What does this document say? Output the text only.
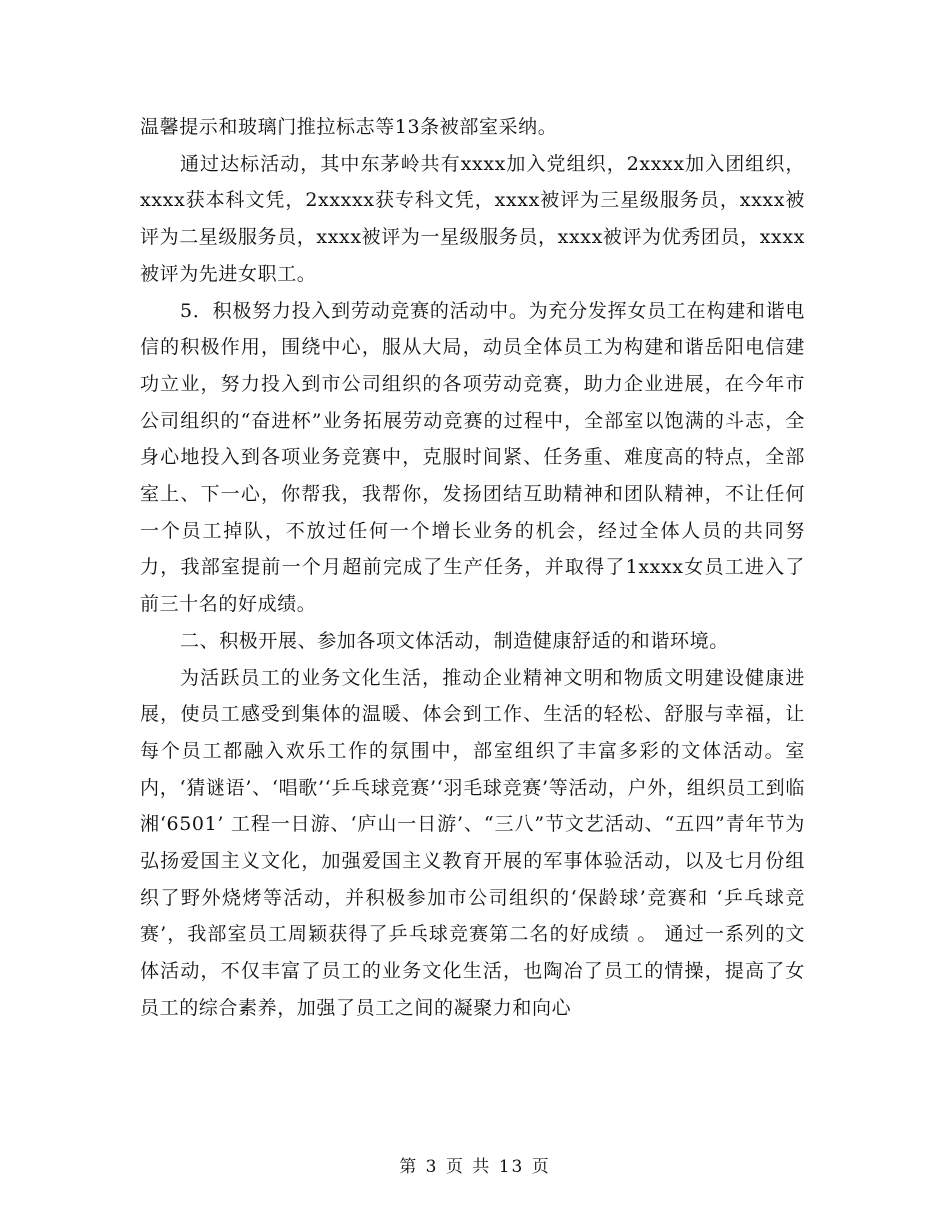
温馨提示和玻璃门推拉标志等13条被部室采纳。

通过达标活动，其中东茅岭共有xxxx加入党组织，2xxxx加入团组织，xxxx获本科文凭，2xxxxx获专科文凭，xxxx被评为三星级服务员，xxxx被评为二星级服务员，xxxx被评为一星级服务员，xxxx被评为优秀团员，xxxx被评为先进女职工。

5．积极努力投入到劳动竞赛的活动中。为充分发挥女员工在构建和谐电信的积极作用，围绕中心，服从大局，动员全体员工为构建和谐岳阳电信建功立业，努力投入到市公司组织的各项劳动竞赛，助力企业进展，在今年市公司组织的“奋进杯”业务拓展劳动竞赛的过程中，全部室以饱满的斗志，全身心地投入到各项业务竞赛中，克服时间紧、任务重、难度高的特点，全部室上、下一心，你帮我，我帮你，发扬团结互助精神和团队精神，不让任何一个员工掉队，不放过任何一个增长业务的机会，经过全体人员的共同努力，我部室提前一个月超前完成了生产任务，并取得了1xxxx女员工进入了前三十名的好成绩。

二、积极开展、参加各项文体活动，制造健康舒适的和谐环境。

为活跃员工的业务文化生活，推动企业精神文明和物质文明建设健康进展，使员工感受到集体的温暖、体会到工作、生活的轻松、舒服与幸福，让每个员工都融入欢乐工作的氛围中，部室组织了丰富多彩的文体活动。室内，‘猜谜语’、‘唱歌’‘乒乓球竞赛’‘羽毛球竞赛’等活动，户外，组织员工到临湘‘6501’ 工程一日游、‘庐山一日游’、“三八”节文艺活动、“五四”青年节为弘扬爱国主义文化，加强爱国主义教育开展的军事体验活动，以及七月份组织了野外烧烤等活动，并积极参加市公司组织的‘保龄球’竞赛和 ‘乒乓球竞赛’，我部室员工周颖获得了乒乓球竞赛第二名的好成绩 。 通过一系列的文体活动，不仅丰富了员工的业务文化生活，也陶冶了员工的情操，提高了女员工的综合素养，加强了员工之间的凝聚力和向心

第 3 页 共 13 页
